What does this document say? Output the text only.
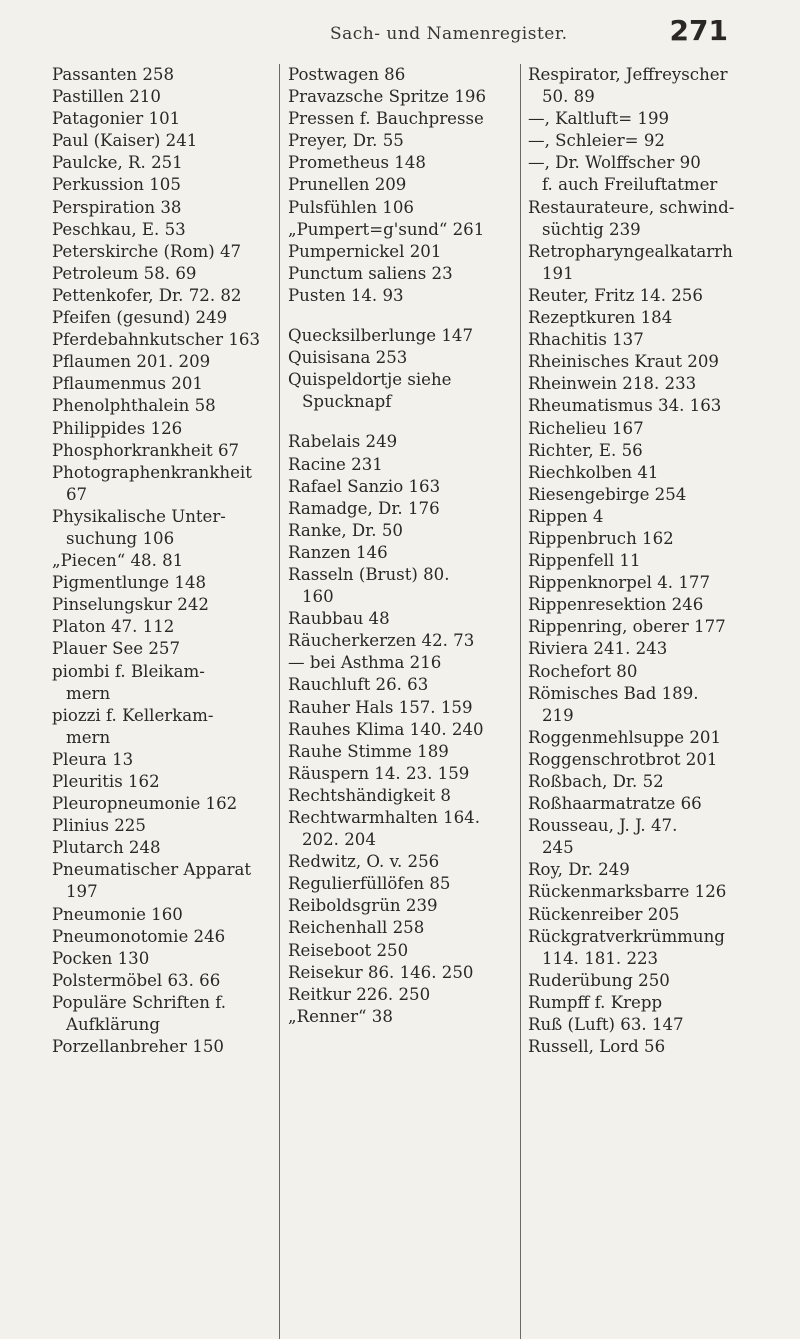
Sach- und Namenregister.	271
Passanten 258
Pastillen 210
Patagonier 101
Paul (Kaiser) 241
Paulcke, R. 251
Perkussion 105
Perspiration 38
Peschkau, E. 53
Peterskirche (Rom) 47
Petroleum 58. 69
Pettenkofer, Dr. 72. 82
Pfeifen (gesund) 249
Pferdebahnkutscher 163
Pflaumen 201. 209
Pflaumenmus 201
Phenolphthalein 58
Philippides 126
Phosphorkrankheit 67
Photographenkrankheit
67
Physikalische Unter-
suchung 106
„Piecen“ 48. 81
Pigmentlunge 148
Pinselungskur 242
Platon 47. 112
Plauer See 257
piombi f. Bleikam-
mern
piozzi f. Kellerkam-
mern
Pleura 13
Pleuritis 162
Pleuropneumonie 162
Plinius 225
Plutarch 248
Pneumatischer Apparat
197
Pneumonie 160
Pneumonotomie 246
Pocken 130
Polstermöbel 63. 66
Populäre Schriften f.
Aufklärung
Porzellanbreher 150
Postwagen 86
Pravazsche Spritze 196
Pressen f. Bauchpresse
Preyer, Dr. 55
Prometheus 148
Prunellen 209
Pulsfühlen 106
„Pumpert=g'sund“ 261
Pumpernickel 201
Punctum saliens 23
Pusten 14. 93
Quecksilberlunge 147
Quisisana 253
Quispeldortje siehe
Spucknapf
Rabelais 249
Racine 231
Rafael Sanzio 163
Ramadge, Dr. 176
Ranke, Dr. 50
Ranzen 146
Rasseln (Brust) 80.
160
Raubbau 48
Räucherkerzen 42. 73
— bei Asthma 216
Rauchluft 26. 63
Rauher Hals 157. 159
Rauhes Klima 140. 240
Rauhe Stimme 189
Räuspern 14. 23. 159
Rechtshändigkeit 8
Rechtwarmhalten 164.
202. 204
Redwitz, O. v. 256
Regulierfüllöfen 85
Reiboldsgrün 239
Reichenhall 258
Reiseboot 250
Reisekur 86. 146. 250
Reitkur 226. 250
„Renner“ 38
Respirator, Jeffreyscher
50. 89
—, Kaltluft= 199
—, Schleier= 92
—, Dr. Wolffscher 90
f. auch Freiluftatmer
Restaurateure, schwind-
süchtig 239
Retropharyngealkatarrh
191
Reuter, Fritz 14. 256
Rezeptkuren 184
Rhachitis 137
Rheinisches Kraut 209
Rheinwein 218. 233
Rheumatismus 34. 163
Richelieu 167
Richter, E. 56
Riechkolben 41
Riesengebirge 254
Rippen 4
Rippenbruch 162
Rippenfell 11
Rippenknorpel 4. 177
Rippenresektion 246
Rippenring, oberer 177
Riviera 241. 243
Rochefort 80
Römisches Bad 189.
219
Roggenmehlsuppe 201
Roggenschrotbrot 201
Roßbach, Dr. 52
Roßhaarmatratze 66
Rousseau, J. J. 47.
245
Roy, Dr. 249
Rückenmarksbarre 126
Rückenreiber 205
Rückgratverkrümmung
114. 181. 223
Ruderübung 250
Rumpff f. Krepp
Ruß (Luft) 63. 147
Russell, Lord 56
